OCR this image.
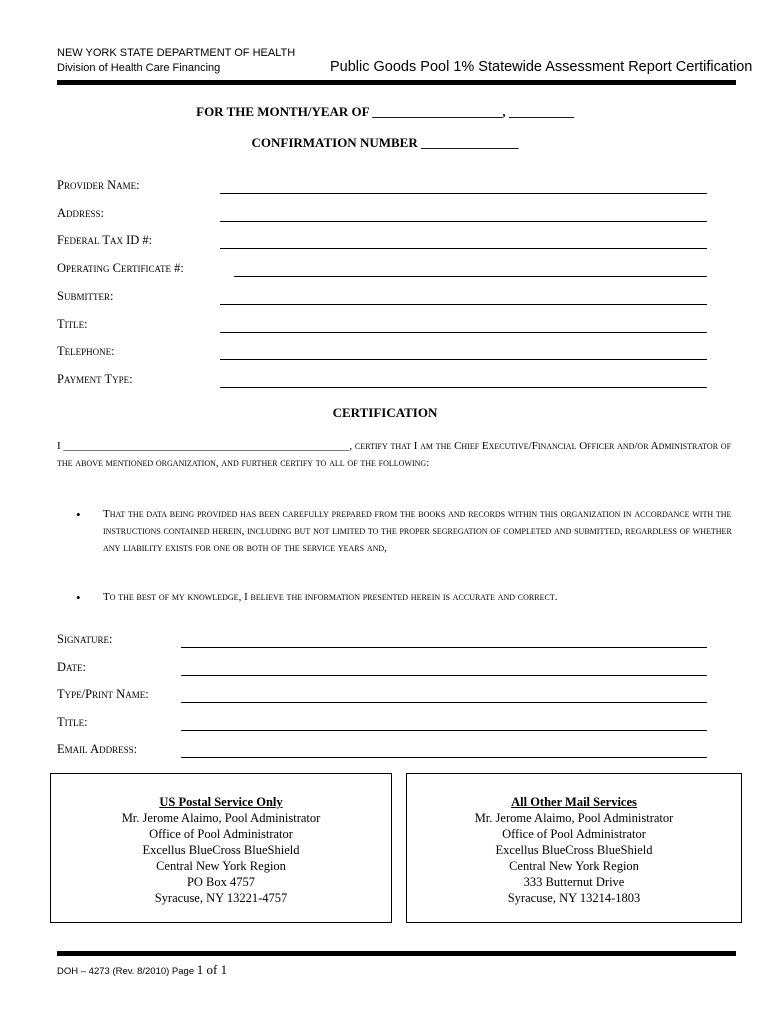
NEW YORK STATE DEPARTMENT OF HEALTH
Division of Health Care Financing	Public Goods Pool 1% Statewide Assessment Report Certification
FOR THE MONTH/YEAR OF ____________________, __________
CONFIRMATION NUMBER _______________
Provider Name:
Address:
Federal Tax ID #:
Operating Certificate #:
Submitter:
Title:
Telephone:
Payment Type:
CERTIFICATION
I ____________________________________________________, certify that I am the Chief Executive/Financial Officer and/or Administrator of the above mentioned organization, and further certify to all of the following:
• That the data being provided has been carefully prepared from the books and records within this organization in accordance with the instructions contained herein, including but not limited to the proper segregation of completed and submitted, regardless of whether any liability exists for one or both of the service years and,
• To the best of my knowledge, I believe the information presented herein is accurate and correct.
Signature:
Date:
Type/Print Name:
Title:
Email Address:
US Postal Service Only
Mr. Jerome Alaimo, Pool Administrator
Office of Pool Administrator
Excellus BlueCross BlueShield
Central New York Region
PO Box 4757
Syracuse, NY 13221-4757
All Other Mail Services
Mr. Jerome Alaimo, Pool Administrator
Office of Pool Administrator
Excellus BlueCross BlueShield
Central New York Region
333 Butternut Drive
Syracuse, NY 13214-1803
DOH – 4273 (Rev. 8/2010) Page 1 of 1
